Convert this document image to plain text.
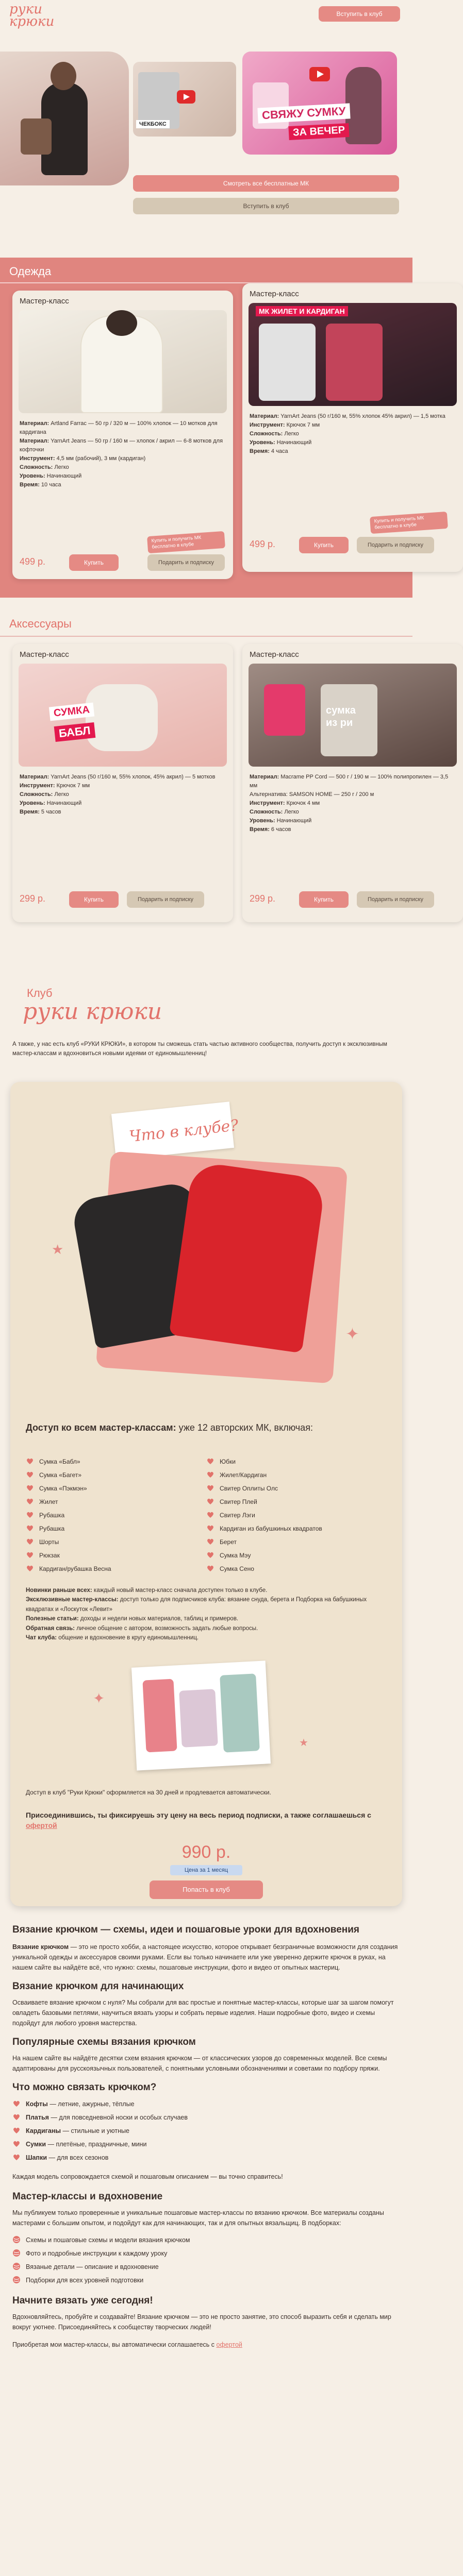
руки
крюки	Вступить в клуб
ЧЕКБОКС
СВЯЖУ СУМКУ
ЗА ВЕЧЕР
Смотреть все бесплатные МК
Вступить в клуб
Одежда
Мастер-класс
Материал: Artland Farrac — 50 гр / 320 м — 100% хлопок — 10 мотков для кардигана
Материал: YarnArt Jeans — 50 гр / 160 м — хлопок / акрил — 6-8 мотков для кофточки
Инструмент: 4,5 мм (рабочий), 3 мм (кардиган)
Сложность: Легко
Уровень: Начинающий
Время: 10 часа
Купить и получить МК бесплатно в клубе
499 р.	Купить	Подарить и подписку
Мастер-класс
МК ЖИЛЕТ И КАРДИГАН
Материал: YarnArt Jeans (50 г/160 м, 55% хлопок 45% акрил) — 1,5 мотка
Инструмент: Крючок 7 мм
Сложность: Легко
Уровень: Начинающий
Время: 4 часа
Купить и получить МК бесплатно в клубе
499 р.	Купить	Подарить и подписку
Аксессуары
Мастер-класс
СУМКА
БАБЛ
Материал: YarnArt Jeans (50 г/160 м, 55% хлопок, 45% акрил) — 5 мотков
Инструмент: Крючок 7 мм
Сложность: Легко
Уровень: Начинающий
Время: 5 часов
299 р.	Купить	Подарить и подписку
Мастер-класс
сумка
из ри
Материал: Macrame PP Cord — 500 г / 190 м — 100% полипропилен — 3,5 мм
Альтернатива: SAMSON HOME — 250 г / 200 м
Инструмент: Крючок 4 мм
Сложность: Легко
Уровень: Начинающий
Время: 6 часов
299 р.	Купить	Подарить и подписку
Клуб
руки крюки
А также, у нас есть клуб «РУКИ КРЮКИ», в котором ты сможешь стать частью активного сообщества, получить доступ к эксклюзивным мастер-классам и вдохновиться новыми идеями от единомышленниц!
Что в клубе?
★
✦
Доступ ко всем мастер-классам: уже 12 авторских МК, включая:
Сумка «Бабл»
Сумка «Багет»
Сумка «Пэкмэн»
Жилет
Рубашка
Рубашка
Шорты
Рюкзак
Кардиган/рубашка Весна
Юбки
Жилет/Кардиган
Свитер Оплиты Олс
Свитер Плей
Свитер Лэги
Кардиган из бабушкиных квадратов
Берет
Сумка Мэу
Сумка Сено
Новинки раньше всех: каждый новый мастер-класс сначала доступен только в клубе.
Эксклюзивные мастер-классы: доступ только для подписчиков клуба: вязание снуда, берета и Подборка на бабушкиных квадратах и «Лоскуток «Левит»
Полезные статьи: доходы и недели новых материалов, таблиц и примеров.
Обратная связь: личное общение с автором, возможность задать любые вопросы.
Чат клуба: общение и вдохновение в кругу единомышленниц.
✦
★
Доступ в клуб "Руки Крюки" оформляется на 30 дней и продлевается автоматически.
Присоединившись, ты фиксируешь эту цену на весь период подписки, а также соглашаешься с офертой
990 р.
Цена за 1 месяц
Попасть в клуб
Вязание крючком — схемы, идеи и пошаговые уроки для вдохновения
Вязание крючком — это не просто хобби, а настоящее искусство, которое открывает безграничные возможности для создания уникальной одежды и аксессуаров своими руками. Если вы только начинаете или уже уверенно держите крючок в руках, на нашем сайте вы найдёте всё, что нужно: схемы, пошаговые инструкции, фото и видео от опытных мастериц.
Вязание крючком для начинающих
Осваиваете вязание крючком с нуля? Мы собрали для вас простые и понятные мастер-классы, которые шаг за шагом помогут овладеть базовыми петлями, научиться вязать узоры и собрать первые изделия. Наши подробные фото, видео и схемы подойдут для любого уровня мастерства.
Популярные схемы вязания крючком
На нашем сайте вы найдёте десятки схем вязания крючком — от классических узоров до современных моделей. Все схемы адаптированы для русскоязычных пользователей, с понятными условными обозначениями и советами по подбору пряжи.
Что можно связать крючком?
Кофты — летние, ажурные, тёплые
Платья — для повседневной носки и особых случаев
Кардиганы — стильные и уютные
Сумки — плетёные, праздничные, мини
Шапки — для всех сезонов
Каждая модель сопровождается схемой и пошаговым описанием — вы точно справитесь!
Мастер-классы и вдохновение
Мы публикуем только проверенные и уникальные пошаговые мастер-классы по вязанию крючком. Все материалы созданы мастерами с большим опытом, и подойдут как для начинающих, так и для опытных вязальщиц. В подборках:
Схемы и пошаговые схемы и модели вязания крючком
Фото и подробные инструкции к каждому уроку
Вязаные детали — описание и вдохновение
Подборки для всех уровней подготовки
Начните вязать уже сегодня!
Вдохновляйтесь, пробуйте и создавайте! Вязание крючком — это не просто занятие, это способ выразить себя и сделать мир вокруг уютнее. Присоединяйтесь к сообществу творческих людей!
Приобретая мои мастер-классы, вы автоматически соглашаетесь с офертой
